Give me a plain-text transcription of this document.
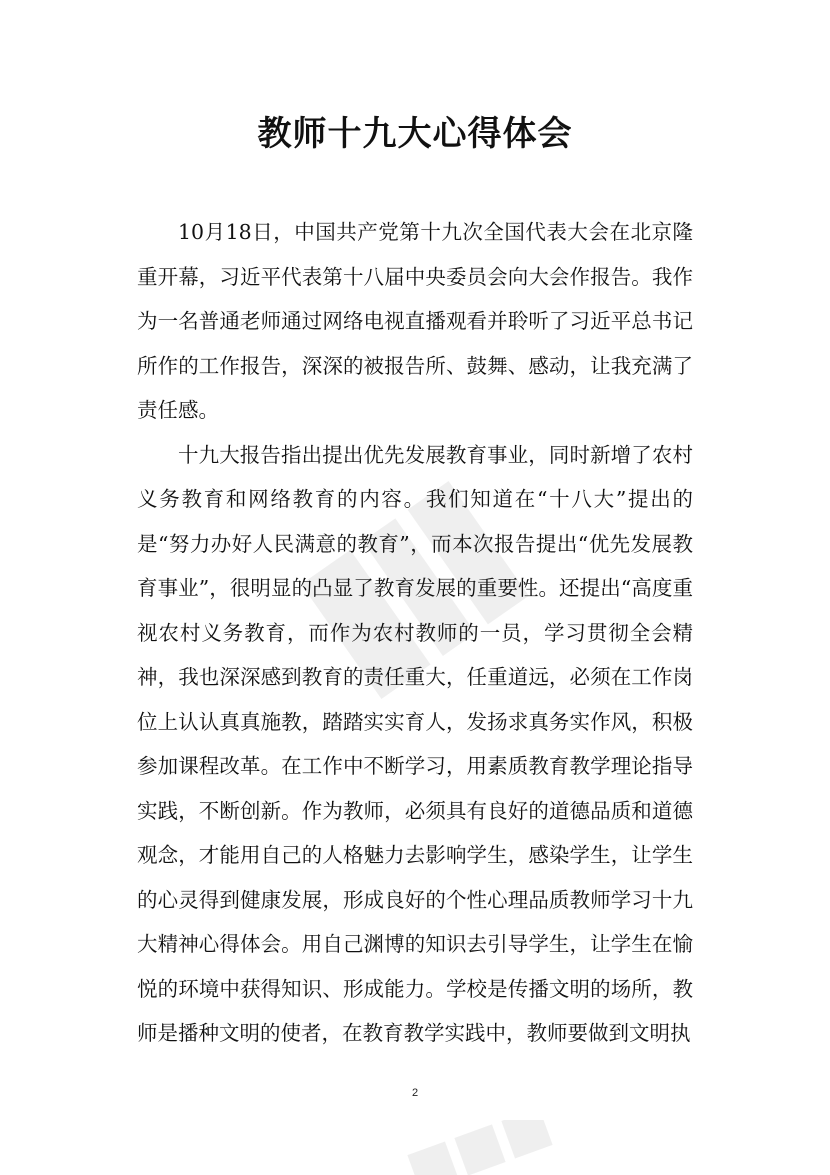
教师十九大心得体会

10月18日，中国共产党第十九次全国代表大会在北京隆重开幕，习近平代表第十八届中央委员会向大会作报告。我作为一名普通老师通过网络电视直播观看并聆听了习近平总书记所作的工作报告，深深的被报告所、鼓舞、感动，让我充满了责任感。

十九大报告指出提出优先发展教育事业，同时新增了农村义务教育和网络教育的内容。我们知道在“十八大”提出的是“努力办好人民满意的教育”，而本次报告提出“优先发展教育事业”，很明显的凸显了教育发展的重要性。还提出“高度重视农村义务教育，而作为农村教师的一员，学习贯彻全会精神，我也深深感到教育的责任重大，任重道远，必须在工作岗位上认认真真施教，踏踏实实育人，发扬求真务实作风，积极参加课程改革。在工作中不断学习，用素质教育教学理论指导实践，不断创新。作为教师，必须具有良好的道德品质和道德观念，才能用自己的人格魅力去影响学生，感染学生，让学生的心灵得到健康发展，形成良好的个性心理品质教师学习十九大精神心得体会。用自己渊博的知识去引导学生，让学生在愉悦的环境中获得知识、形成能力。学校是传播文明的场所，教师是播种文明的使者，在教育教学实践中，教师要做到文明执

2
